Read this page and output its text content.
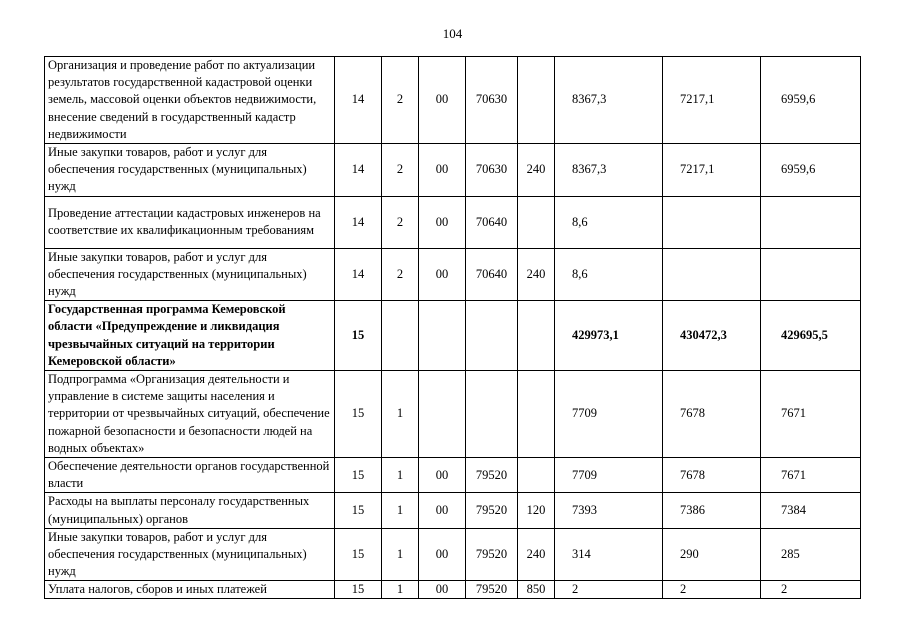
104
Организация и проведение работ по актуализации результатов государственной кадастровой оценки земель, массовой оценки объектов недвижимости, внесение сведений в государственный кадастр недвижимости	14	2	00	70630		8367,3	7217,1	6959,6
Иные закупки товаров, работ и услуг для обеспечения государственных (муниципальных) нужд	14	2	00	70630	240	8367,3	7217,1	6959,6
Проведение аттестации кадастровых инженеров на соответствие их квалификационным требованиям	14	2	00	70640		8,6		
Иные закупки товаров, работ и услуг для обеспечения государственных (муниципальных) нужд	14	2	00	70640	240	8,6		
Государственная программа Кемеровской области «Предупреждение и ликвидация чрезвычайных ситуаций на территории Кемеровской области»	15					429973,1	430472,3	429695,5
Подпрограмма «Организация деятельности и управление в системе защиты населения и территории от чрезвычайных ситуаций, обеспечение пожарной безопасности и безопасности людей на водных объектах»	15	1				7709	7678	7671
Обеспечение деятельности органов государственной власти	15	1	00	79520		7709	7678	7671
Расходы на выплаты персоналу государственных (муниципальных) органов	15	1	00	79520	120	7393	7386	7384
Иные закупки товаров, работ и услуг для обеспечения государственных (муниципальных) нужд	15	1	00	79520	240	314	290	285
Уплата налогов, сборов и иных платежей	15	1	00	79520	850	2	2	2
